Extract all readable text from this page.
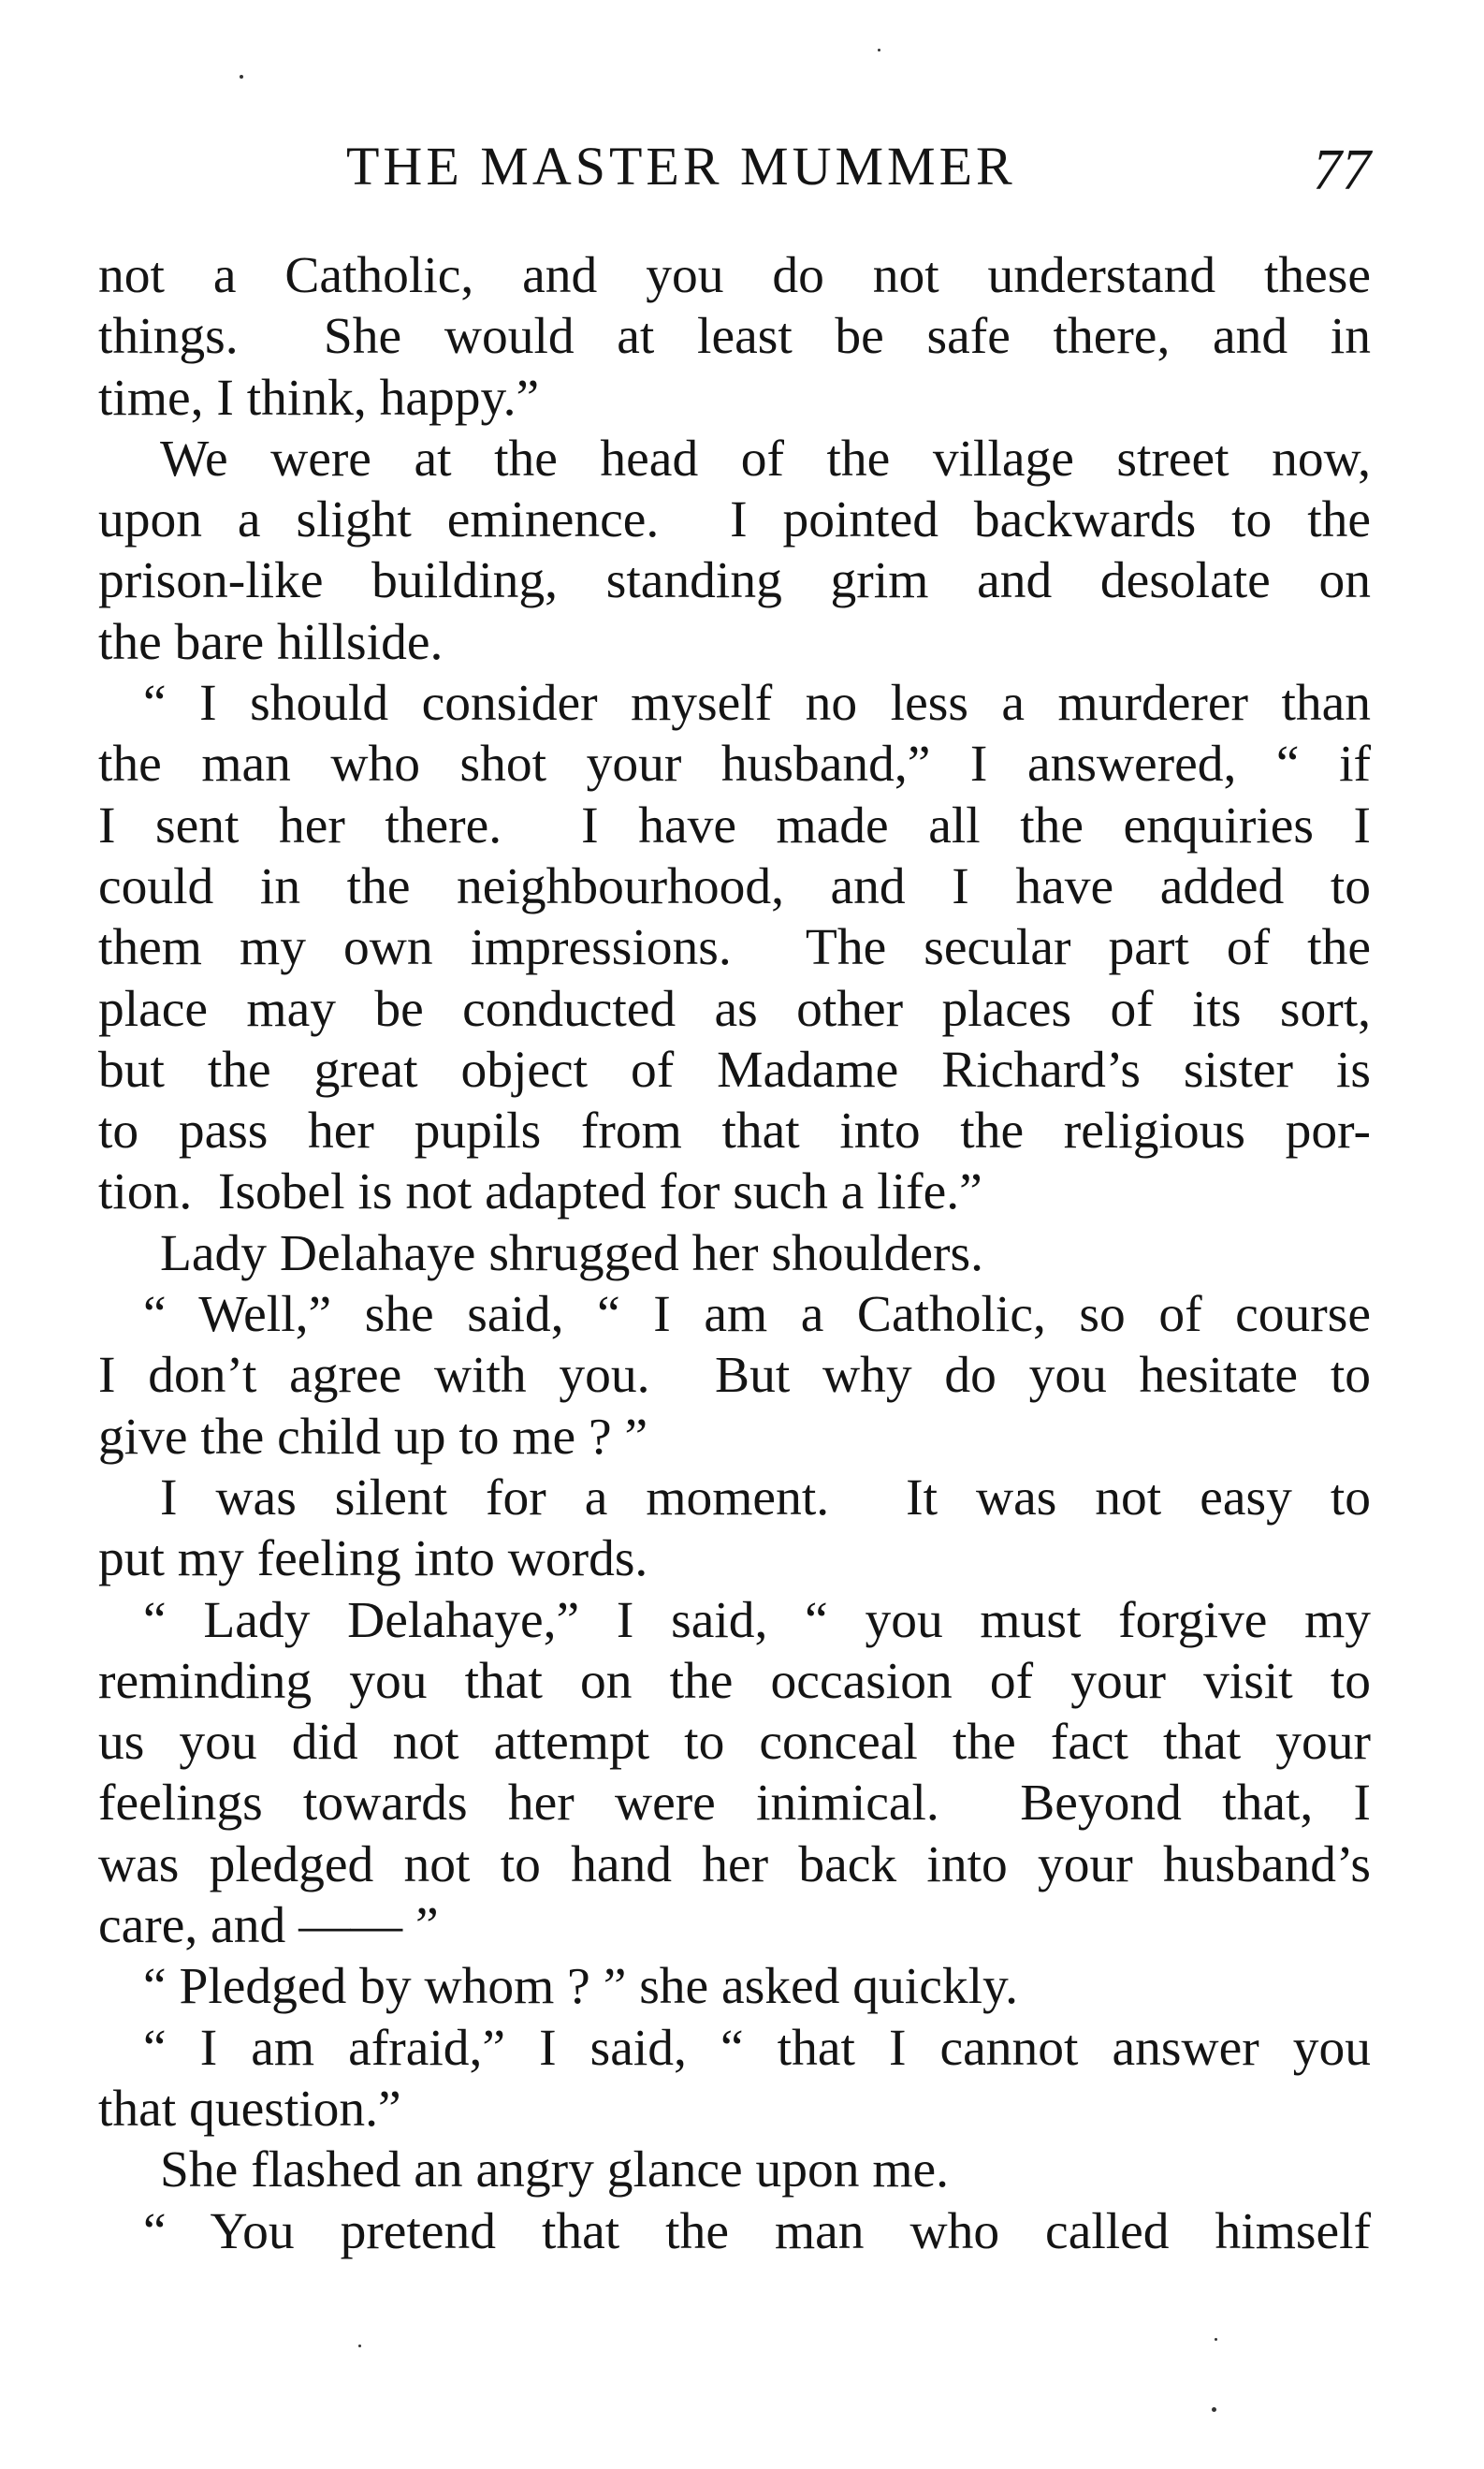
THE MASTER MUMMER	77
not a Catholic, and you do not understand these
things.  She would at least be safe there, and in
time, I think, happy.”
We were at the head of the village street now,
upon a slight eminence.  I pointed backwards to the
prison-like building, standing grim and desolate on
the bare hillside.
“ I should consider myself no less a murderer than
the man who shot your husband,” I answered, “ if
I sent her there.  I have made all the enquiries I
could in the neighbourhood, and I have added to
them my own impressions.  The secular part of the
place may be conducted as other places of its sort,
but the great object of Madame Richard’s sister is
to pass her pupils from that into the religious por-
tion.  Isobel is not adapted for such a life.”
Lady Delahaye shrugged her shoulders.
“ Well,” she said, “ I am a Catholic, so of course
I don’t agree with you.  But why do you hesitate to
give the child up to me ? ”
I was silent for a moment.  It was not easy to
put my feeling into words.
“ Lady Delahaye,” I said, “ you must forgive my
reminding you that on the occasion of your visit to
us you did not attempt to conceal the fact that your
feelings towards her were inimical.  Beyond that, I
was pledged not to hand her back into your husband’s
care, and —— ”
“ Pledged by whom ? ” she asked quickly.
“ I am afraid,” I said, “ that I cannot answer you
that question.”
She flashed an angry glance upon me.
“ You pretend that the man who called himself
